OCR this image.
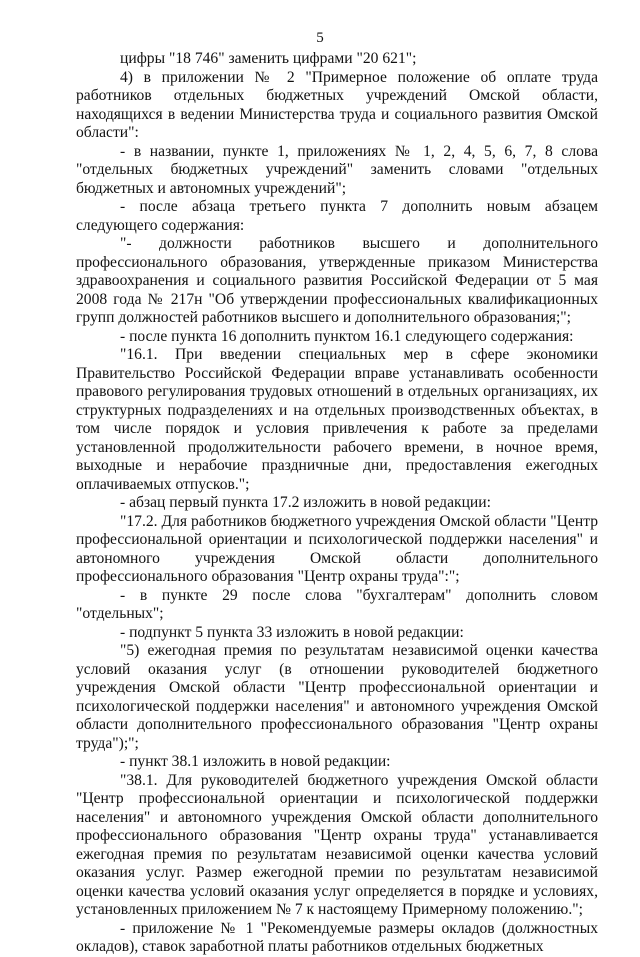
5

цифры "18 746" заменить цифрами "20 621";

4) в приложении № 2 "Примерное положение об оплате труда работников отдельных бюджетных учреждений Омской области, находящихся в ведении Министерства труда и социального развития Омской области":

- в названии, пункте 1, приложениях № 1, 2, 4, 5, 6, 7, 8 слова "отдельных бюджетных учреждений" заменить словами "отдельных бюджетных и автономных учреждений";

- после абзаца третьего пункта 7 дополнить новым абзацем следующего содержания:

"- должности работников высшего и дополнительного профессионального образования, утвержденные приказом Министерства здравоохранения и социального развития Российской Федерации от 5 мая 2008 года № 217н "Об утверждении профессиональных квалификационных групп должностей работников высшего и дополнительного образования;";

- после пункта 16 дополнить пунктом 16.1 следующего содержания:

"16.1. При введении специальных мер в сфере экономики Правительство Российской Федерации вправе устанавливать особенности правового регулирования трудовых отношений в отдельных организациях, их структурных подразделениях и на отдельных производственных объектах, в том числе порядок и условия привлечения к работе за пределами установленной продолжительности рабочего времени, в ночное время, выходные и нерабочие праздничные дни, предоставления ежегодных оплачиваемых отпусков.";

- абзац первый пункта 17.2 изложить в новой редакции:

"17.2. Для работников бюджетного учреждения Омской области "Центр профессиональной ориентации и психологической поддержки населения" и автономного учреждения Омской области дополнительного профессионального образования "Центр охраны труда":";

- в пункте 29 после слова "бухгалтерам" дополнить словом "отдельных";

- подпункт 5 пункта 33 изложить в новой редакции:

"5) ежегодная премия по результатам независимой оценки качества условий оказания услуг (в отношении руководителей бюджетного учреждения Омской области "Центр профессиональной ориентации и психологической поддержки населения" и автономного учреждения Омской области дополнительного профессионального образования "Центр охраны труда");";

- пункт 38.1 изложить в новой редакции:

"38.1. Для руководителей бюджетного учреждения Омской области "Центр профессиональной ориентации и психологической поддержки населения" и автономного учреждения Омской области дополнительного профессионального образования "Центр охраны труда" устанавливается ежегодная премия по результатам независимой оценки качества условий оказания услуг. Размер ежегодной премии по результатам независимой оценки качества условий оказания услуг определяется в порядке и условиях, установленных приложением № 7 к настоящему Примерному положению.";

- приложение № 1 "Рекомендуемые размеры окладов (должностных окладов), ставок заработной платы работников отдельных бюджетных
